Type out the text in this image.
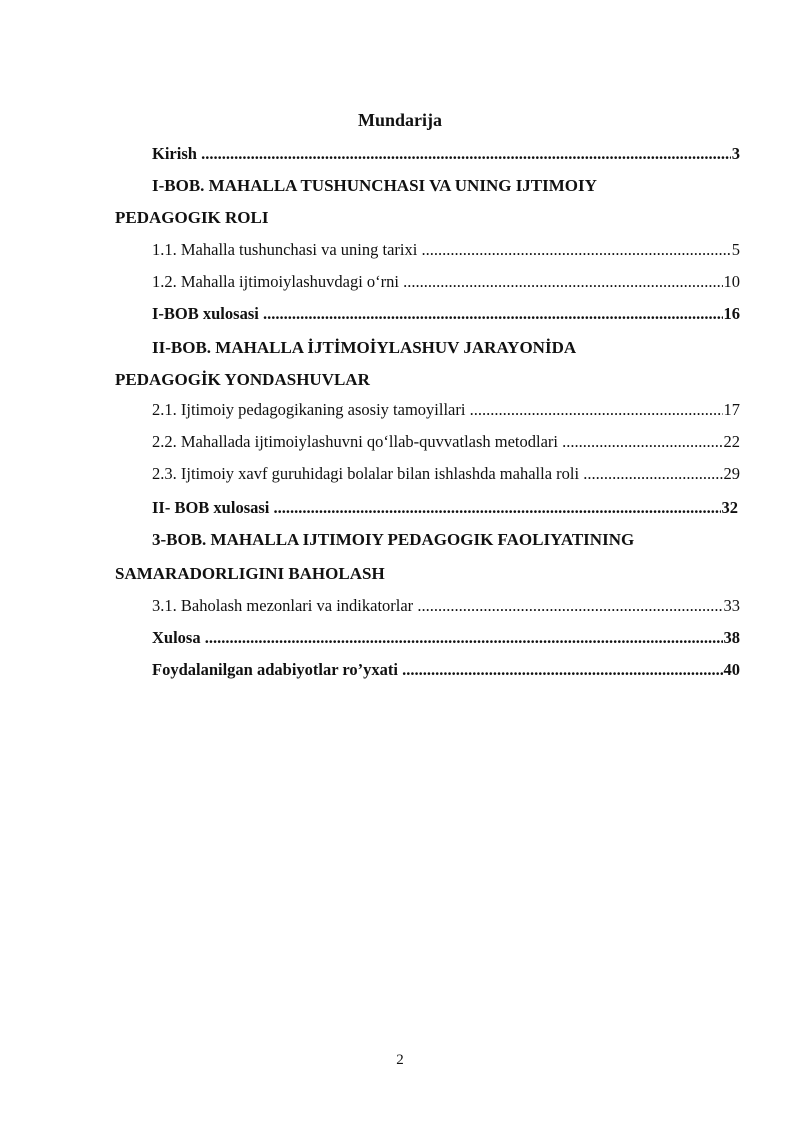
Mundarija
Kirish .....	3
I-BOB. MAHALLA TUSHUNCHASI VA UNING IJTIMOIY
PEDAGOGIK ROLI
1.1. Mahalla tushunchasi va uning tarixi .....	5
1.2. Mahalla ijtimoiylashuvdagi o‘rni .....	10
I-BOB xulosasi .....	16
II-BOB. MAHALLA İJTİMOİYLASHUV JARAYONİDA
PEDAGOGİK YONDASHUVLAR
2.1. Ijtimoiy pedagogikaning asosiy tamoyillari .....	17
2.2. Mahallada ijtimoiylashuvni qo‘llab-quvvatlash metodlari .....	22
2.3. Ijtimoiy xavf guruhidagi bolalar bilan ishlashda mahalla roli .....	29
II- BOB xulosasi .....	32
3-BOB. MAHALLA IJTIMOIY PEDAGOGIK FAOLIYATINING
SAMARADORLIGINI BAHOLASH
3.1. Baholash mezonlari va indikatorlar .....	33
Xulosa .....	38
Foydalanilgan adabiyotlar ro’yxati .....	40
2
